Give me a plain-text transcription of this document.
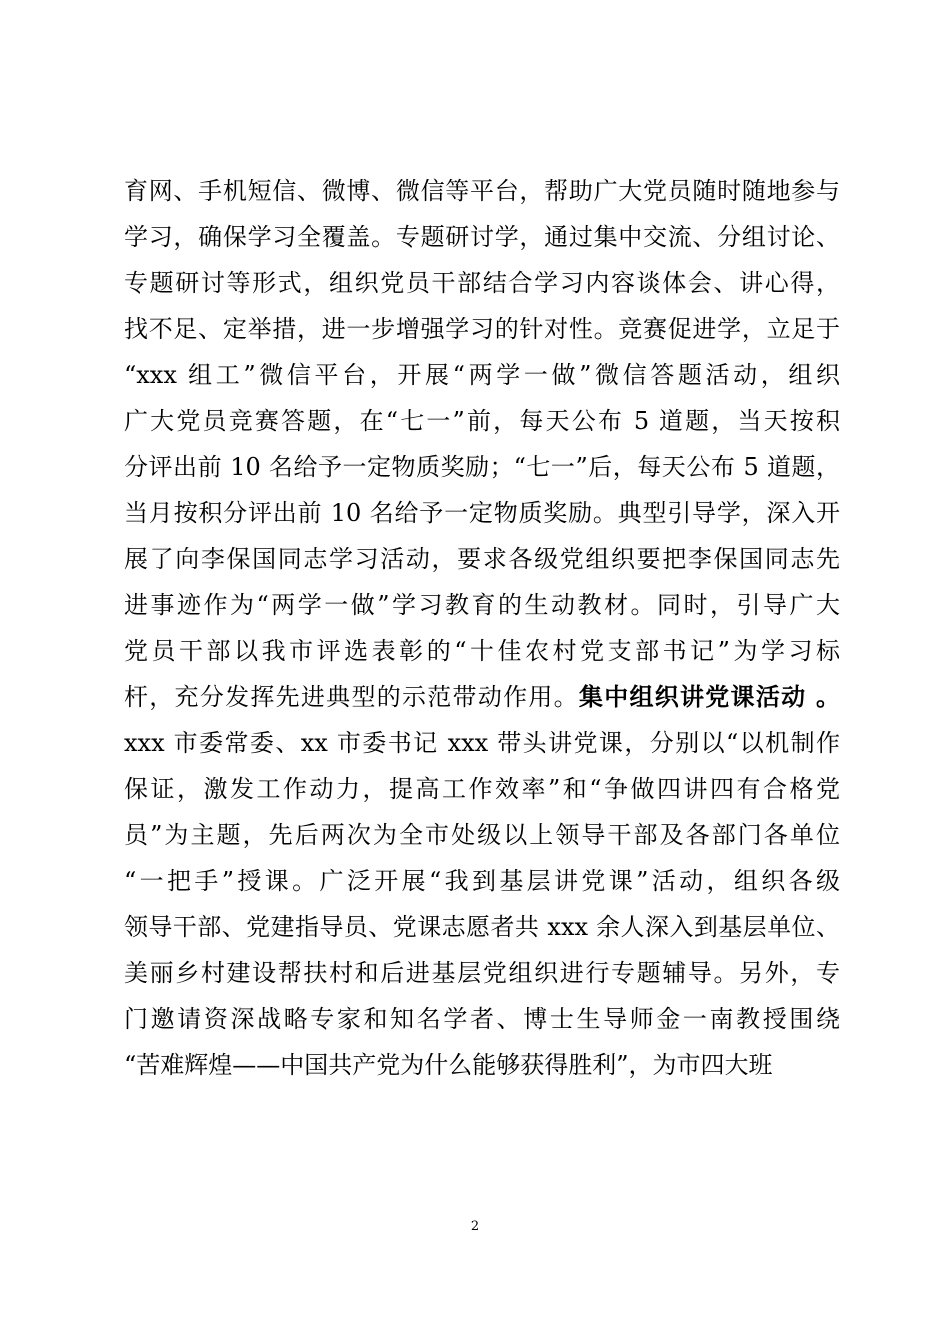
育网、手机短信、微博、微信等平台，帮助广大党员随时随地参与
学习，确保学习全覆盖。专题研讨学，通过集中交流、分组讨论、
专题研讨等形式，组织党员干部结合学习内容谈体会、讲心得，
找不足、定举措，进一步增强学习的针对性。竞赛促进学，立足于
“xxx 组工”微信平台，开展“两学一做”微信答题活动，组织
广大党员竞赛答题，在“七一”前，每天公布 5 道题，当天按积
分评出前 10 名给予一定物质奖励；“七一”后，每天公布 5 道题，
当月按积分评出前 10 名给予一定物质奖励。典型引导学，深入开
展了向李保国同志学习活动，要求各级党组织要把李保国同志先
进事迹作为“两学一做”学习教育的生动教材。同时，引导广大
党员干部以我市评选表彰的“十佳农村党支部书记”为学习标
杆，充分发挥先进典型的示范带动作用。集中组织讲党课活动 。
xxx 市委常委、xx 市委书记 xxx 带头讲党课，分别以“以机制作
保证，激发工作动力，提高工作效率”和“争做四讲四有合格党
员”为主题，先后两次为全市处级以上领导干部及各部门各单位
“一把手”授课。广泛开展“我到基层讲党课”活动，组织各级
领导干部、党建指导员、党课志愿者共 xxx 余人深入到基层单位、
美丽乡村建设帮扶村和后进基层党组织进行专题辅导。另外，专
门邀请资深战略专家和知名学者、博士生导师金一南教授围绕
“苦难辉煌——中国共产党为什么能够获得胜利”，为市四大班
2
